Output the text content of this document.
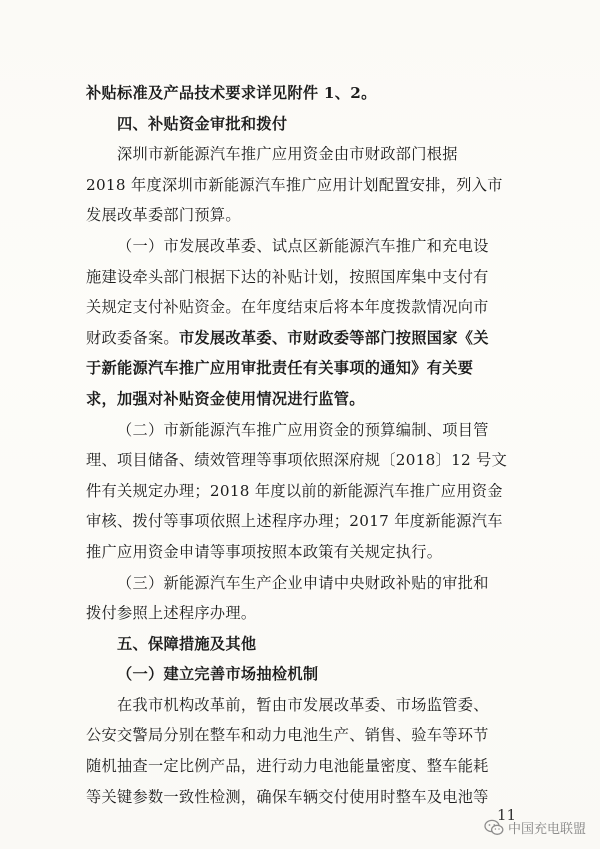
补贴标准及产品技术要求详见附件 1、2。

四、补贴资金审批和拨付

深圳市新能源汽车推广应用资金由市财政部门根据

2018 年度深圳市新能源汽车推广应用计划配置安排，列入市

发展改革委部门预算。

（一）市发展改革委、试点区新能源汽车推广和充电设

施建设牵头部门根据下达的补贴计划，按照国库集中支付有

关规定支付补贴资金。在年度结束后将本年度拨款情况向市

财政委备案。市发展改革委、市财政委等部门按照国家《关

于新能源汽车推广应用审批责任有关事项的通知》有关要

求，加强对补贴资金使用情况进行监管。

（二）市新能源汽车推广应用资金的预算编制、项目管

理、项目储备、绩效管理等事项依照深府规〔2018〕12 号文

件有关规定办理；2018 年度以前的新能源汽车推广应用资金

审核、拨付等事项依照上述程序办理；2017 年度新能源汽车

推广应用资金申请等事项按照本政策有关规定执行。

（三）新能源汽车生产企业申请中央财政补贴的审批和

拨付参照上述程序办理。

五、保障措施及其他

（一）建立完善市场抽检机制

在我市机构改革前，暂由市发展改革委、市场监管委、

公安交警局分别在整车和动力电池生产、销售、验车等环节

随机抽查一定比例产品，进行动力电池能量密度、整车能耗

等关键参数一致性检测，确保车辆交付使用时整车及电池等

11
中国充电联盟
